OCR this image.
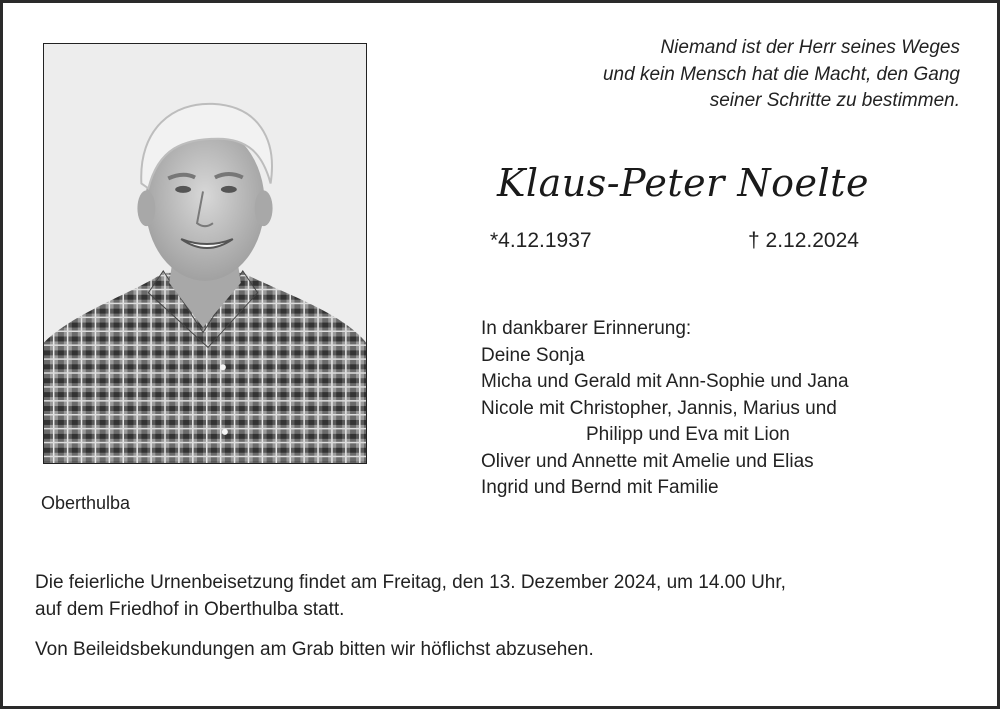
Oberthulba
Niemand ist der Herr seines Weges
und kein Mensch hat die Macht, den Gang
seiner Schritte zu bestimmen.
Klaus-Peter Noelte
*4.12.1937	† 2.12.2024
In dankbarer Erinnerung:
Deine Sonja
Micha und Gerald mit Ann-Sophie und Jana
Nicole mit Christopher, Jannis, Marius und
Philipp und Eva mit Lion
Oliver und Annette mit Amelie und Elias
Ingrid und Bernd mit Familie
Die feierliche Urnenbeisetzung findet am Freitag, den 13. Dezember 2024, um 14.00 Uhr,
auf dem Friedhof in Oberthulba statt.
Von Beileidsbekundungen am Grab bitten wir höflichst abzusehen.
